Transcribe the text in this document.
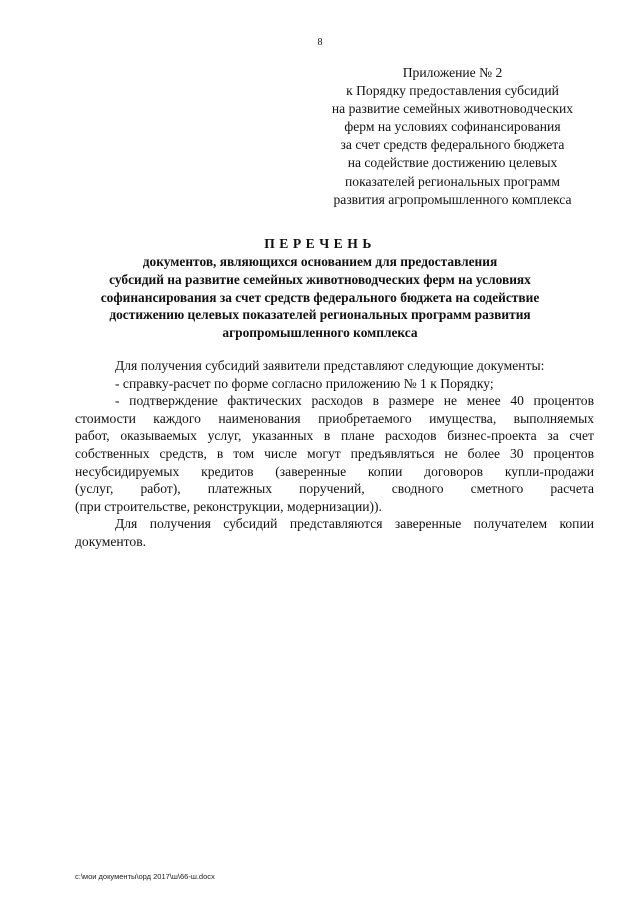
8
Приложение № 2
к Порядку предоставления субсидий
на развитие семейных животноводческих
ферм на условиях софинансирования
за счет средств федерального бюджета
на содействие достижению целевых
показателей региональных программ
развития агропромышленного комплекса
ПЕРЕЧЕНЬ
документов, являющихся основанием для предоставления
субсидий на развитие семейных животноводческих ферм на условиях
софинансирования за счет средств федерального бюджета на содействие
достижению целевых показателей региональных программ развития
агропромышленного комплекса
Для получения субсидий заявители представляют следующие документы:
- справку-расчет по форме согласно приложению № 1 к Порядку;
- подтверждение фактических расходов в размере не менее 40 процентов
стоимости каждого наименования приобретаемого имущества, выполняемых
работ, оказываемых услуг, указанных в плане расходов бизнес-проекта за счет
собственных средств, в том числе могут предъявляться не более 30 процентов
несубсидируемых кредитов (заверенные копии договоров купли-продажи
(услуг, работ), платежных поручений, сводного сметного расчета
(при строительстве, реконструкции, модернизации)).
Для получения субсидий представляются заверенные получателем копии
документов.
c:\мои документы\орд 2017\ш\66-ш.docx
